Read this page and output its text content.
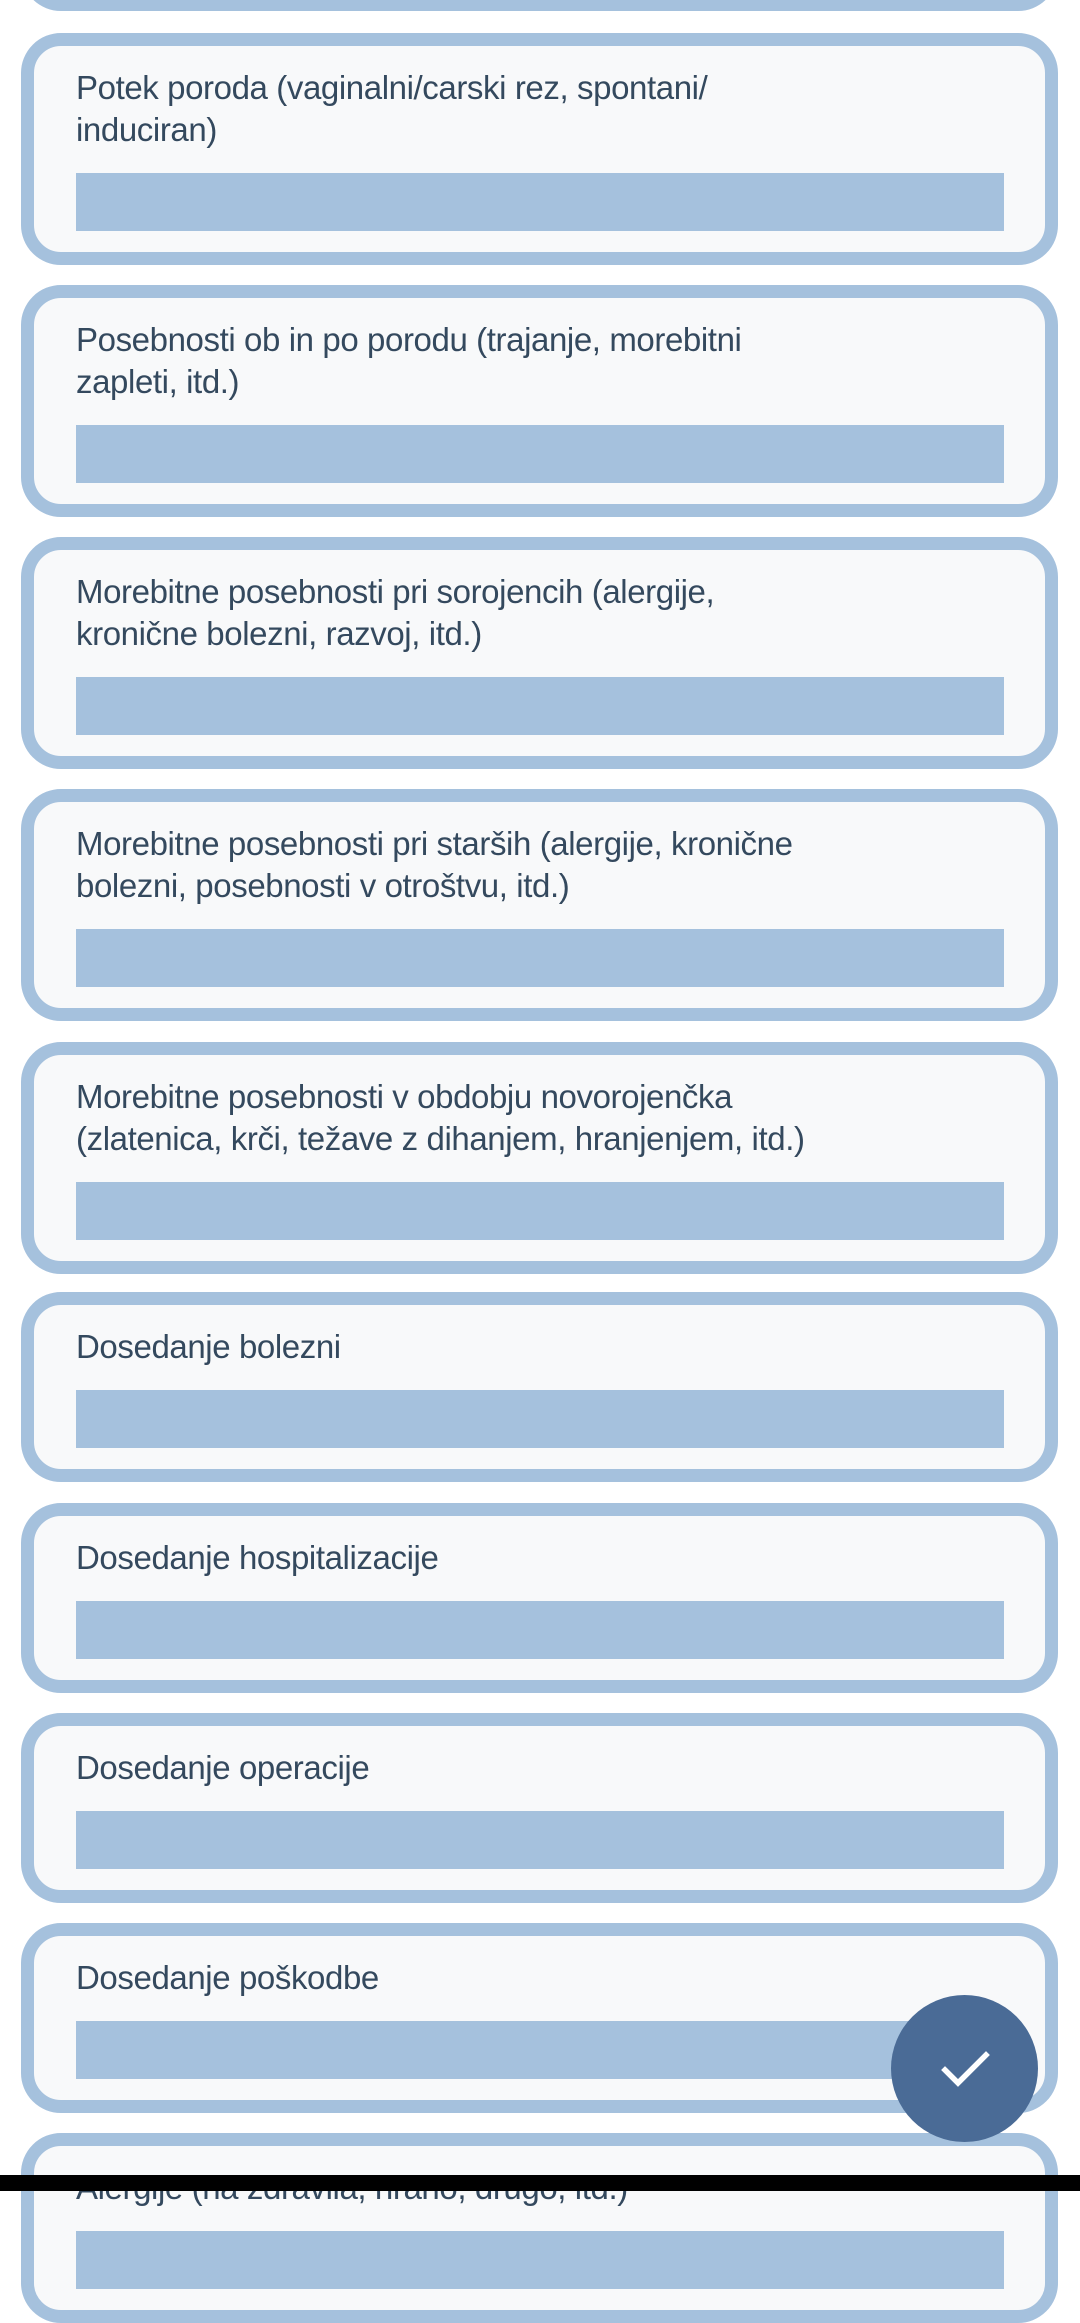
Potek poroda (vaginalni/carski rez, spontani/
induciran)

Posebnosti ob in po porodu (trajanje, morebitni
zapleti, itd.)

Morebitne posebnosti pri sorojencih (alergije,
kronične bolezni, razvoj, itd.)

Morebitne posebnosti pri starših (alergije, kronične
bolezni, posebnosti v otroštvu, itd.)

Morebitne posebnosti v obdobju novorojenčka
(zlatenica, krči, težave z dihanjem, hranjenjem, itd.)

Dosedanje bolezni

Dosedanje hospitalizacije

Dosedanje operacije

Dosedanje poškodbe
